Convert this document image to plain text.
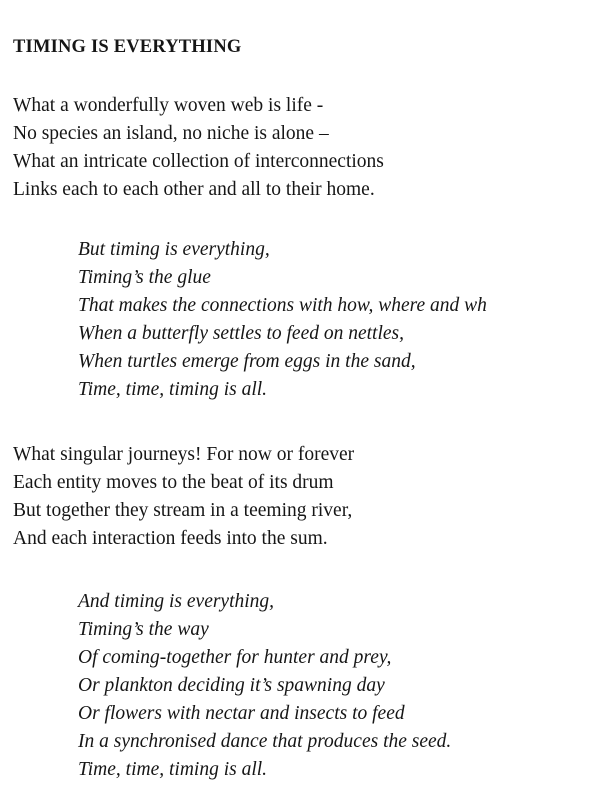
TIMING IS EVERYTHING
What a wonderfully woven web is life -
No species an island, no niche is alone –
What an intricate collection of interconnections
Links each to each other and all to their home.
But timing is everything,
Timing’s the glue
That makes the connections with how, where and wh
When a butterfly settles to feed on nettles,
When turtles emerge from eggs in the sand,
Time, time, timing is all.
What singular journeys! For now or forever
Each entity moves to the beat of its drum
But together they stream in a teeming river,
And each interaction feeds into the sum.
And timing is everything,
Timing’s the way
Of coming-together for hunter and prey,
Or plankton deciding it’s spawning day
Or flowers with nectar and insects to feed
In a synchronised dance that produces the seed.
Time, time, timing is all.
